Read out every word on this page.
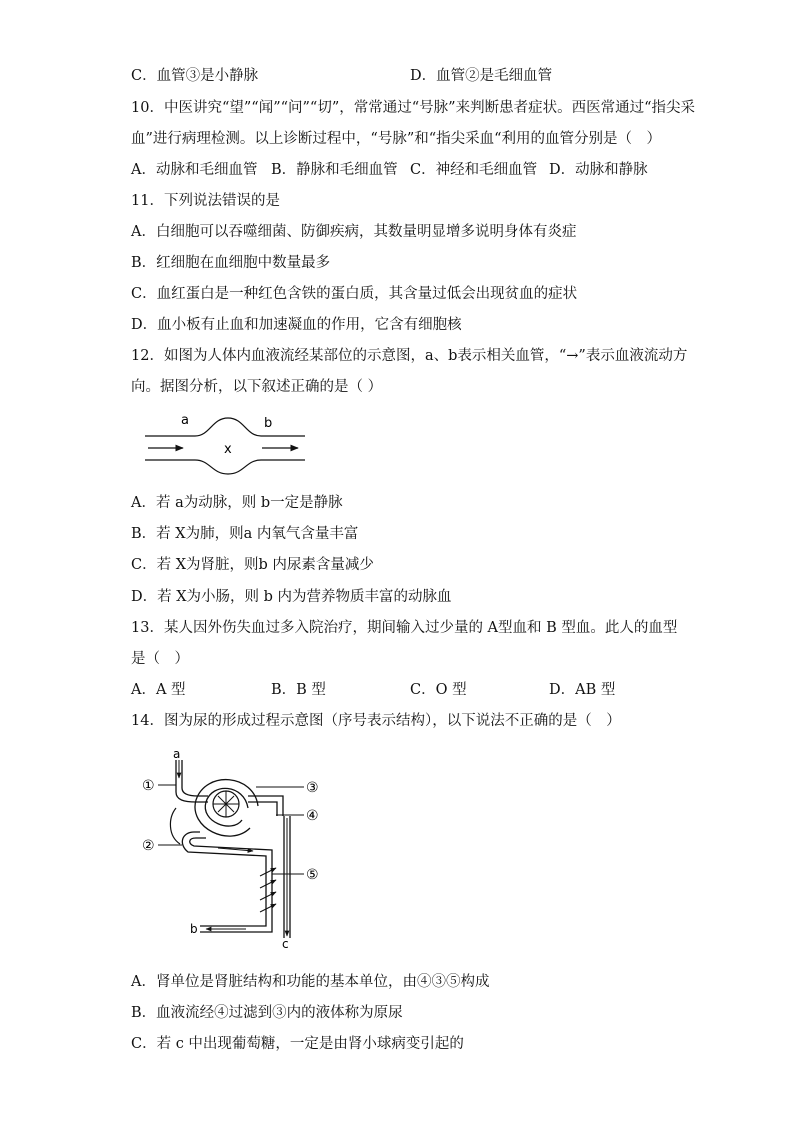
C．血管③是小静脉	D．血管②是毛细血管
10．中医讲究“望”“闻”“问”“切”，常常通过“号脉”来判断患者症状。西医常通过“指尖采
血”进行病理检测。以上诊断过程中，“号脉”和“指尖采血“利用的血管分别是（　）
A．动脉和毛细血管 B．静脉和毛细血管 C．神经和毛细血管 D．动脉和静脉
11．下列说法错误的是
A．白细胞可以吞噬细菌、防御疾病，其数量明显增多说明身体有炎症
B．红细胞在血细胞中数量最多
C．血红蛋白是一种红色含铁的蛋白质，其含量过低会出现贫血的症状
D．血小板有止血和加速凝血的作用，它含有细胞核
12．如图为人体内血液流经某部位的示意图，a、b表示相关血管，“→”表示血液流动方
向。据图分析，以下叙述正确的是（ ）
a	b
x
A．若 a为动脉，则 b一定是静脉
B．若 X为肺，则a 内氧气含量丰富
C．若 X为肾脏，则b 内尿素含量减少
D．若 X为小肠，则 b 内为营养物质丰富的动脉血
13．某人因外伤失血过多入院治疗，期间输入过少量的 A型血和 B 型血。此人的血型
是（　）
A．A 型	B．B 型	C．O 型	D．AB 型
14．图为尿的形成过程示意图（序号表示结构），以下说法不正确的是（　）
a
b
c
①
②
③
④
⑤
A．肾单位是肾脏结构和功能的基本单位，由④③⑤构成
B．血液流经④过滤到③内的液体称为原尿
C．若 c 中出现葡萄糖，一定是由肾小球病变引起的
